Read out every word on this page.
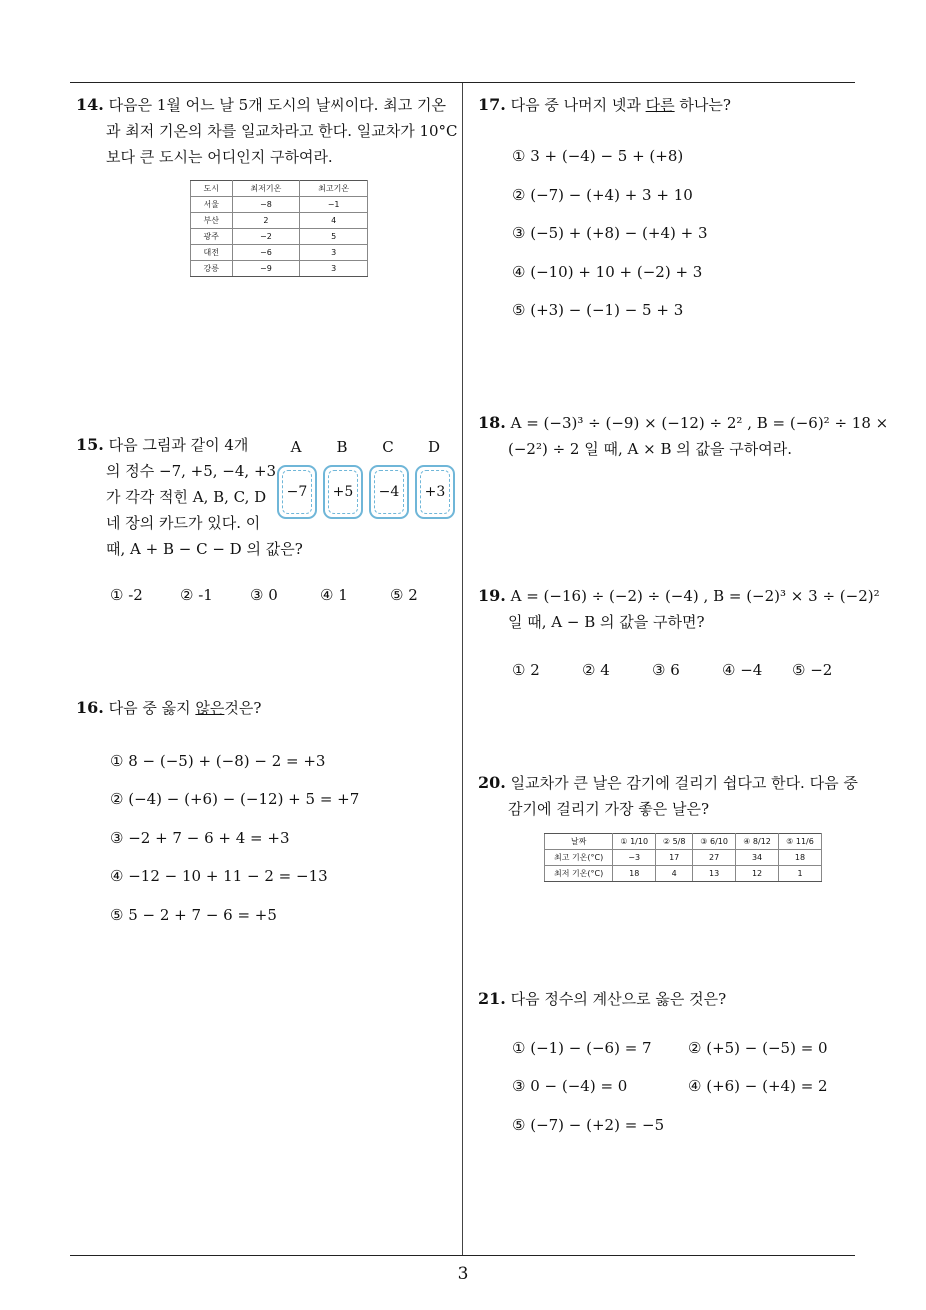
14. 다음은 1월 어느 날 5개 도시의 날씨이다. 최고 기온
과 최저 기온의 차를 일교차라고 한다. 일교차가 10°C
보다 큰 도시는 어디인지 구하여라.
도시	최저기온	최고기온
서울	−8	−1
부산	2	4
광주	−2	5
대전	−6	3
강릉	−9	3
15. 다음 그림과 같이 4개
의 정수 −7, +5, −4, +3
가 각각 적힌 A, B, C, D
네 장의 카드가 있다. 이
때, A + B − C − D 의 값은?
A	B	C	D
−7	+5	−4	+3
① -2 ② -1 ③ 0	④ 1	⑤ 2
16. 다음 중 옳지 않은것은?
① 8 − (−5) + (−8) − 2 = +3
② (−4) − (+6) − (−12) + 5 = +7
③ −2 + 7 − 6 + 4 = +3
④ −12 − 10 + 11 − 2 = −13
⑤ 5 − 2 + 7 − 6 = +5
17. 다음 중 나머지 넷과 다른 하나는?
① 3 + (−4) − 5 + (+8)
② (−7) − (+4) + 3 + 10
③ (−5) + (+8) − (+4) + 3
④ (−10) + 10 + (−2) + 3
⑤ (+3) − (−1) − 5 + 3
18. A = (−3)³ ÷ (−9) × (−12) ÷ 2² , B = (−6)² ÷ 18 ×
(−2²) ÷ 2 일 때, A × B 의 값을 구하여라.
19. A = (−16) ÷ (−2) ÷ (−4) , B = (−2)³ × 3 ÷ (−2)²
일 때, A − B 의 값을 구하면?
① 2	② 4	③ 6	④ −4 ⑤ −2
20. 일교차가 큰 날은 감기에 걸리기 쉽다고 한다. 다음 중
감기에 걸리기 가장 좋은 날은?
날짜	① 1/10	② 5/8	③ 6/10	④ 8/12	⑤ 11/6
최고 기온(°C)	−3	17	27	34	18
최저 기온(°C)	18	4	13	12	1
21. 다음 정수의 계산으로 옳은 것은?
① (−1) − (−6) = 7 ② (+5) − (−5) = 0
③ 0 − (−4) = 0	④ (+6) − (+4) = 2
⑤ (−7) − (+2) = −5
3
